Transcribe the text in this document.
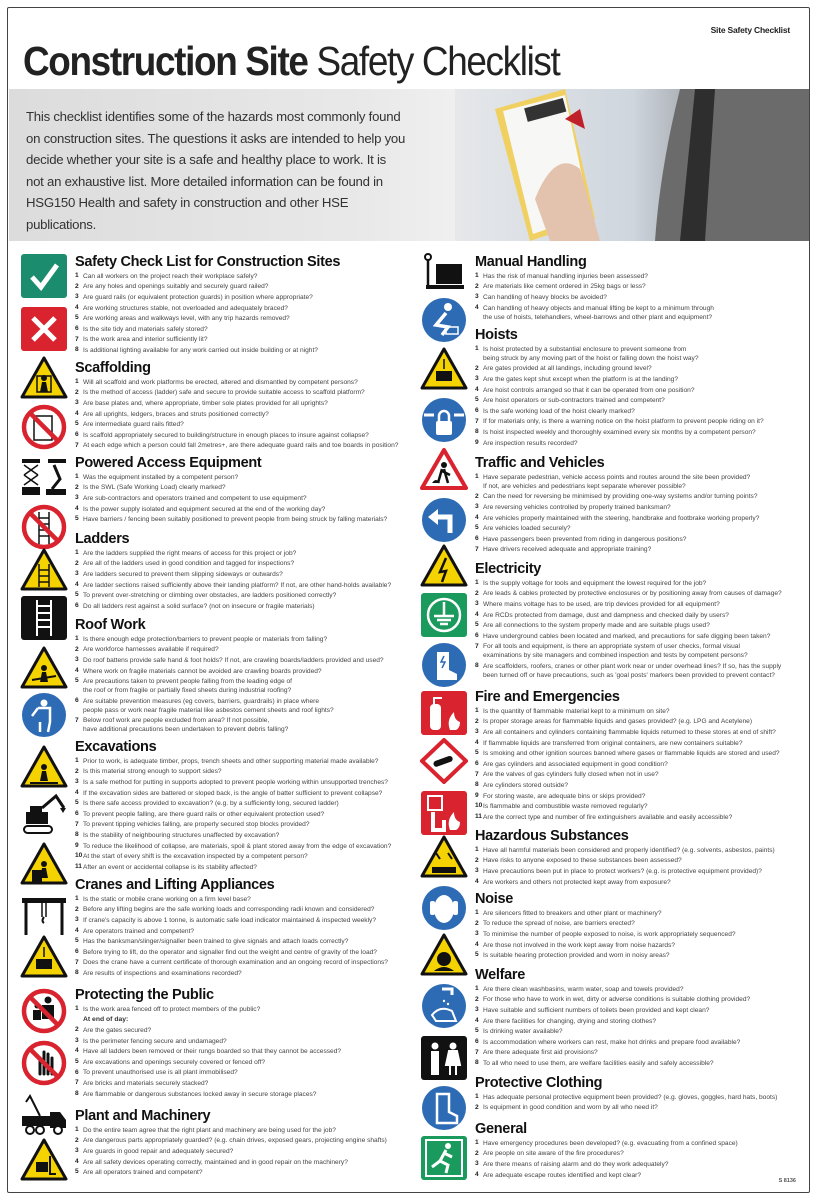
Site Safety Checklist
Construction Site Safety Checklist

This checklist identifies some of the hazards most commonly found on construction sites. The questions it asks are intended to help you decide whether your site is a safe and healthy place to work. It is not an exhaustive list. More detailed information can be found in HSG150 Health and safety in construction and other HSE publications.

Safety Check List for Construction Sites
1 Can all workers on the project reach their workplace safely?
2 Are any holes and openings suitably and securely guard railed?
3 Are guard rails (or equivalent protection guards) in position where appropriate?
4 Are working structures stable, not overloaded and adequately braced?
5 Are working areas and walkways level, with any trip hazards removed?
6 Is the site tidy and materials safely stored?
7 Is the work area and interior sufficiently lit?
8 Is additional lighting available for any work carried out inside building or at night?
Scaffolding
1 Will all scaffold and work platforms be erected, altered and dismantled by competent persons?
2 Is the method of access (ladder) safe and secure to provide suitable access to scaffold platform?
3 Are base plates and, where appropriate, timber sole plates provided for all uprights?
4 Are all uprights, ledgers, braces and struts positioned correctly?
5 Are intermediate guard rails fitted?
6 Is scaffold appropriately secured to building/structure in enough places to insure against collapse?
7 At each edge which a person could fall 2metres+, are there adequate guard rails and toe boards in position?
Powered Access Equipment
1 Was the equipment installed by a competent person?
2 Is the SWL (Safe Working Load) clearly marked?
3 Are sub-contractors and operators trained and competent to use equipment?
4 Is the power supply isolated and equipment secured at the end of the working day?
5 Have barriers / fencing been suitably positioned to prevent people from being struck by falling materials?
Ladders
1 Are the ladders supplied the right means of access for this project or job?
2 Are all of the ladders used in good condition and tagged for inspections?
3 Are ladders secured to prevent them slipping sideways or outwards?
4 Are ladder sections raised sufficiently above their landing platform? If not, are other hand-holds available?
5 To prevent over-stretching or climbing over obstacles, are ladders positioned correctly?
6 Do all ladders rest against a solid surface? (not on insecure or fragile materials)
Roof Work
1 Is there enough edge protection/barriers to prevent people or materials from falling?
2 Are workforce harnesses available if required?
3 Do roof battens provide safe hand & foot holds? If not, are crawling boards/ladders provided and used?
4 Where work on fragile materials cannot be avoided are crawling boards provided?
5 Are precautions taken to prevent people falling from the leading edge of
the roof or from fragile or partially fixed sheets during industrial roofing?
6 Are suitable prevention measures (eg covers, barriers, guardrails) in place where
people pass or work near fragile material like asbestos cement sheets and roof lights?
7 Below roof work are people excluded from area? If not possible,
have additional precautions been undertaken to prevent debris falling?
Excavations
1 Prior to work, is adequate timber, props, trench sheets and other supporting material made available?
2 Is this material strong enough to support sides?
3 Is a safe method for putting in supports adopted to prevent people working within unsupported trenches?
4 If the excavation sides are battered or sloped back, is the angle of batter sufficient to prevent collapse?
5 Is there safe access provided to excavation? (e.g. by a sufficiently long, secured ladder)
6 To prevent people falling, are there guard rails or other equivalent protection used?
7 To prevent tipping vehicles falling, are properly secured stop blocks provided?
8 Is the stability of neighbouring structures unaffected by excavation?
9 To reduce the likelihood of collapse, are materials, spoil & plant stored away from the edge of excavation?
10 At the start of every shift is the excavation inspected by a competent person?
11 After an event or accidental collapse is its stability affected?
Cranes and Lifting Appliances
1 Is the static or mobile crane working on a firm level base?
2 Before any lifting begins are the safe working loads and corresponding radii known and considered?
3 If crane's capacity is above 1 tonne, is automatic safe load indicator maintained & inspected weekly?
4 Are operators trained and competent?
5 Has the banksman/slinger/signaller been trained to give signals and attach loads correctly?
6 Before trying to lift, do the operator and signaller find out the weight and centre of gravity of the load?
7 Does the crane have a current certificate of thorough examination and an ongoing record of inspections?
8 Are results of inspections and examinations recorded?
Protecting the Public
1 Is the work area fenced off to protect members of the public?
At end of day:
2 Are the gates secured?
3 Is the perimeter fencing secure and undamaged?
4 Have all ladders been removed or their rungs boarded so that they cannot be accessed?
5 Are excavations and openings securely covered or fenced off?
6 To prevent unauthorised use is all plant immobilised?
7 Are bricks and materials securely stacked?
8 Are flammable or dangerous substances locked away in secure storage places?
Plant and Machinery
1 Do the entire team agree that the right plant and machinery are being used for the job?
2 Are dangerous parts appropriately guarded? (e.g. chain drives, exposed gears, projecting engine shafts)
3 Are guards in good repair and adequately secured?
4 Are all safety devices operating correctly, maintained and in good repair on the machinery?
5 Are all operators trained and competent?
Manual Handling
1 Has the risk of manual handling injuries been assessed?
2 Are materials like cement ordered in 25kg bags or less?
3 Can handling of heavy blocks be avoided?
4 Can handling of heavy objects and manual lifting be kept to a minimum through
the use of hoists, telehandlers, wheel-barrows and other plant and equipment?
Hoists
1 Is hoist protected by a substantial enclosure to prevent someone from
being struck by any moving part of the hoist or falling down the hoist way?
2 Are gates provided at all landings, including ground level?
3 Are the gates kept shut except when the platform is at the landing?
4 Are hoist controls arranged so that it can be operated from one position?
5 Are hoist operators or sub-contractors trained and competent?
6 Is the safe working load of the hoist clearly marked?
7 If for materials only, is there a warning notice on the hoist platform to prevent people riding on it?
8 Is hoist inspected weekly and thoroughly examined every six months by a competent person?
9 Are inspection results recorded?
Traffic and Vehicles
1 Have separate pedestrian, vehicle access points and routes around the site been provided?
If not, are vehicles and pedestrians kept separate wherever possible?
2 Can the need for reversing be minimised by providing one-way systems and/or turning points?
3 Are reversing vehicles controlled by properly trained banksman?
4 Are vehicles properly maintained with the steering, handbrake and footbrake working properly?
5 Are vehicles loaded securely?
6 Have passengers been prevented from riding in dangerous positions?
7 Have drivers received adequate and appropriate training?
Electricity
1 Is the supply voltage for tools and equipment the lowest required for the job?
2 Are leads & cables protected by protective enclosures or by positioning away from causes of damage?
3 Where mains voltage has to be used, are trip devices provided for all equipment?
4 Are RCDs protected from damage, dust and dampness and checked daily by users?
5 Are all connections to the system properly made and are suitable plugs used?
6 Have underground cables been located and marked, and precautions for safe digging been taken?
7 For all tools and equipment, is there an appropriate system of user checks, formal visual
examinations by site managers and combined inspection and tests by competent persons?
8 Are scaffolders, roofers, cranes or other plant work near or under overhead lines? If so, has the supply
been turned off or have precautions, such as 'goal posts' markers been provided to prevent contact?
Fire and Emergencies
1 Is the quantity of flammable material kept to a minimum on site?
2 Is proper storage areas for flammable liquids and gases provided? (e.g. LPG and Acetylene)
3 Are all containers and cylinders containing flammable liquids returned to these stores at end of shift?
4 If flammable liquids are transferred from original containers, are new containers suitable?
5 Is smoking and other ignition sources banned where gases or flammable liquids are stored and used?
6 Are gas cylinders and associated equipment in good condition?
7 Are the valves of gas cylinders fully closed when not in use?
8 Are cylinders stored outside?
9 For storing waste, are adequate bins or skips provided?
10 Is flammable and combustible waste removed regularly?
11 Are the correct type and number of fire extinguishers available and easily accessible?
Hazardous Substances
1 Have all harmful materials been considered and properly identified? (e.g. solvents, asbestos, paints)
2 Have risks to anyone exposed to these substances been assessed?
3 Have precautions been put in place to protect workers? (e.g. is protective equipment provided)?
4 Are workers and others not protected kept away from exposure?
Noise
1 Are silencers fitted to breakers and other plant or machinery?
2 To reduce the spread of noise, are barriers erected?
3 To minimise the number of people exposed to noise, is work appropriately sequenced?
4 Are those not involved in the work kept away from noise hazards?
5 Is suitable hearing protection provided and worn in noisy areas?
Welfare
1 Are there clean washbasins, warm water, soap and towels provided?
2 For those who have to work in wet, dirty or adverse conditions is suitable clothing provided?
3 Have suitable and sufficient numbers of toilets been provided and kept clean?
4 Are there facilities for changing, drying and storing clothes?
5 Is drinking water available?
6 Is accommodation where workers can rest, make hot drinks and prepare food available?
7 Are there adequate first aid provisions?
8 To all who need to use them, are welfare facilities easily and safely accessible?
Protective Clothing
1 Has adequate personal protective equipment been provided? (e.g. gloves, goggles, hard hats, boots)
2 Is equipment in good condition and worn by all who need it?
General
1 Have emergency procedures been developed? (e.g. evacuating from a confined space)
2 Are people on site aware of the fire procedures?
3 Are there means of raising alarm and do they work adequately?
4 Are adequate escape routes identified and kept clear?
S 8136
